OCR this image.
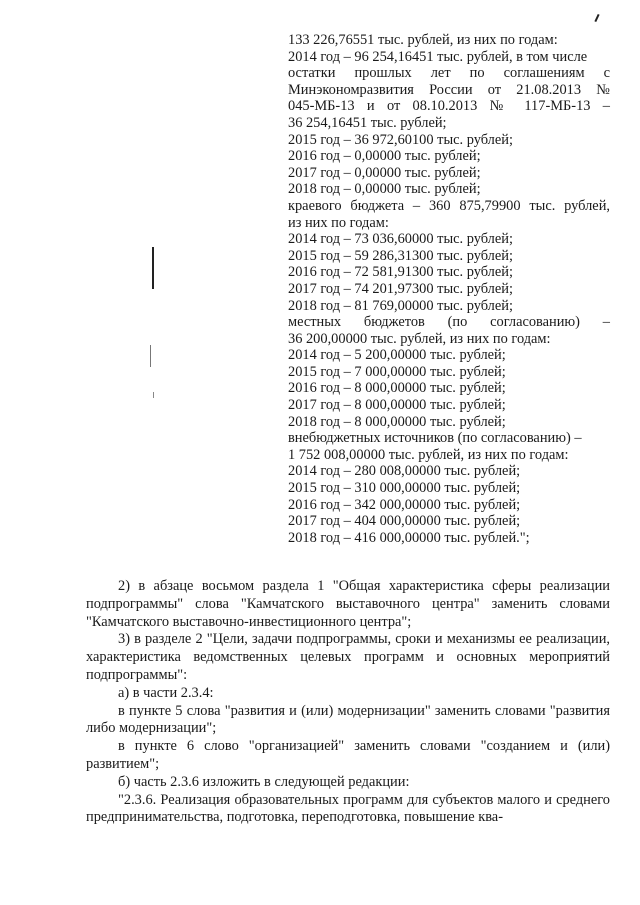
133 226,76551 тыс. рублей, из них по годам:
2014 год – 96 254,16451 тыс. рублей, в том числе
остатки прошлых лет по соглашениям с
Минэкономразвития России от 21.08.2013 №
045-МБ-13 и от 08.10.2013 № 117-МБ-13 –
36 254,16451 тыс. рублей;
2015 год – 36 972,60100 тыс. рублей;
2016 год – 0,00000 тыс. рублей;
2017 год – 0,00000 тыс. рублей;
2018 год – 0,00000 тыс. рублей;
краевого бюджета – 360 875,79900 тыс. рублей,
из них по годам:
2014 год – 73 036,60000 тыс. рублей;
2015 год – 59 286,31300 тыс. рублей;
2016 год – 72 581,91300 тыс. рублей;
2017 год – 74 201,97300 тыс. рублей;
2018 год – 81 769,00000 тыс. рублей;
местных бюджетов (по согласованию) –
36 200,00000 тыс. рублей, из них по годам:
2014 год – 5 200,00000 тыс. рублей;
2015 год – 7 000,00000 тыс. рублей;
2016 год – 8 000,00000 тыс. рублей;
2017 год – 8 000,00000 тыс. рублей;
2018 год – 8 000,00000 тыс. рублей;
внебюджетных источников (по согласованию) –
1 752 008,00000 тыс. рублей, из них по годам:
2014 год – 280 008,00000 тыс. рублей;
2015 год – 310 000,00000 тыс. рублей;
2016 год – 342 000,00000 тыс. рублей;
2017 год – 404 000,00000 тыс. рублей;
2018 год – 416 000,00000 тыс. рублей.";
2) в абзаце восьмом раздела 1 "Общая характеристика сферы реализации подпрограммы" слова "Камчатского выставочного центра" заменить словами "Камчатского выставочно-инвестиционного центра";
3) в разделе 2 "Цели, задачи подпрограммы, сроки и механизмы ее реализации, характеристика ведомственных целевых программ и основных мероприятий подпрограммы":
а) в части 2.3.4:
в пункте 5 слова "развития и (или) модернизации" заменить словами "развития либо модернизации";
в пункте 6 слово "организацией" заменить словами "созданием и (или) развитием";
б) часть 2.3.6 изложить в следующей редакции:
"2.3.6. Реализация образовательных программ для субъектов малого и среднего предпринимательства, подготовка, переподготовка, повышение ква-
